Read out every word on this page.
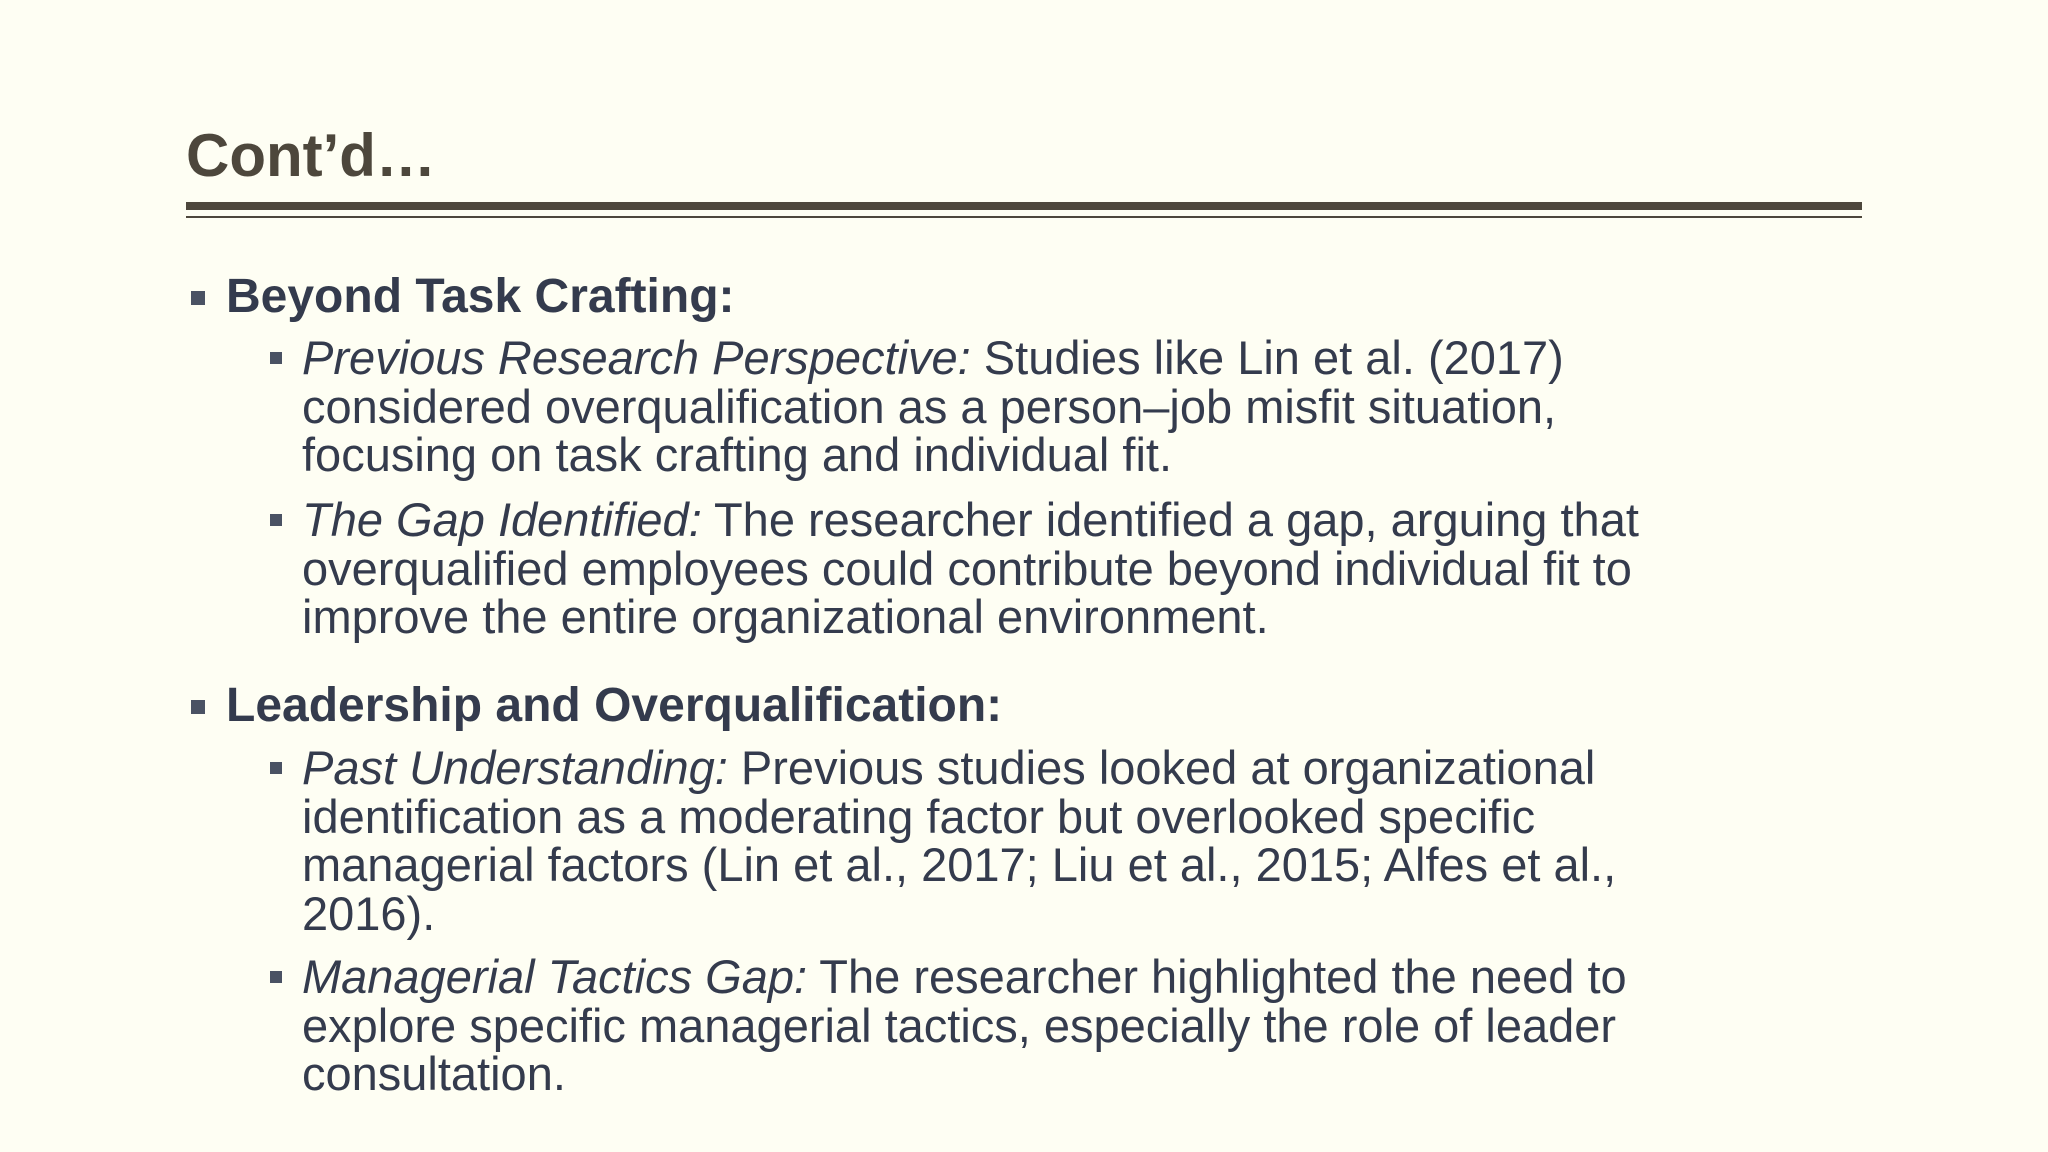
Cont’d…
Beyond Task Crafting:
Previous Research Perspective: Studies like Lin et al. (2017)
considered overqualification as a person–job misfit situation,
focusing on task crafting and individual fit.
The Gap Identified: The researcher identified a gap, arguing that
overqualified employees could contribute beyond individual fit to
improve the entire organizational environment.
Leadership and Overqualification:
Past Understanding: Previous studies looked at organizational
identification as a moderating factor but overlooked specific
managerial factors (Lin et al., 2017; Liu et al., 2015; Alfes et al.,
2016).
Managerial Tactics Gap: The researcher highlighted the need to
explore specific managerial tactics, especially the role of leader
consultation.
